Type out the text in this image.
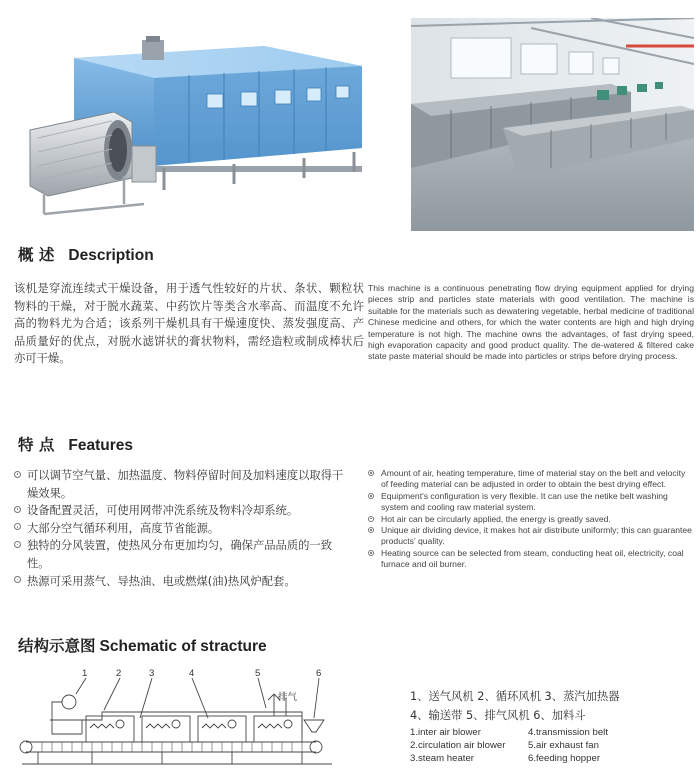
概 述 Description

该机是穿流连续式干燥设备，用于透气性较好的片状、条状、颗粒状物料的干燥，对于脱水蔬菜、中药饮片等类含水率高、而温度不允许高的物料尤为合适；该系列干燥机具有干燥速度快、蒸发强度高、产品质量好的优点，对脱水滤饼状的膏状物料，需经造粒或制成棒状后亦可干燥。

This machine is a continuous penetrating flow drying equipment applied for drying pieces strip and particles state materials with good ventilation. The machine is suitable for the materials such as dewatering vegetable, herbal medicine of traditional Chinese medicine and others, for which the water contents are high and high drying temperature is not high. The machine owns the advantages, of fast drying speed, high evaporation capacity and good product quality. The de-watered & filtered cake state paste material should be made into particles or strips before drying process.

特 点 Features
可以调节空气量、加热温度、物料停留时间及加料速度以取得干燥效果。
设备配置灵活，可使用网带冲洗系统及物料冷却系统。
大部分空气循环利用，高度节省能源。
独特的分风装置，使热风分布更加均匀，确保产品品质的一致性。
热源可采用蒸气、导热油、电或燃煤(油)热风炉配套。
Amount of air, heating temperature, time of material stay on the belt and velocity of feeding material can be adjusted in order to obtain the best drying effect.
Equipment's configuration is very flexible. It can use the netike belt washing system and cooling raw material system.
Hot air can be circularly applied, the energy is greatly saved.
Unique air dividing device, it makes hot air distribute uniformly; this can guarantee products' quality.
Heating source can be selected from steam, conducting heat oil, electricity, coal furnace and oil burner.
结构示意图 Schematic of stracture
1	2	3	4	5	6
排气	1、送气风机 2、循环风机 3、蒸汽加热器
4、输送带 5、排气风机 6、加料斗
1.inter air blower	4.transmission belt
2.circulation air blower 5.air exhaust fan
3.steam heater	6.feeding hopper
